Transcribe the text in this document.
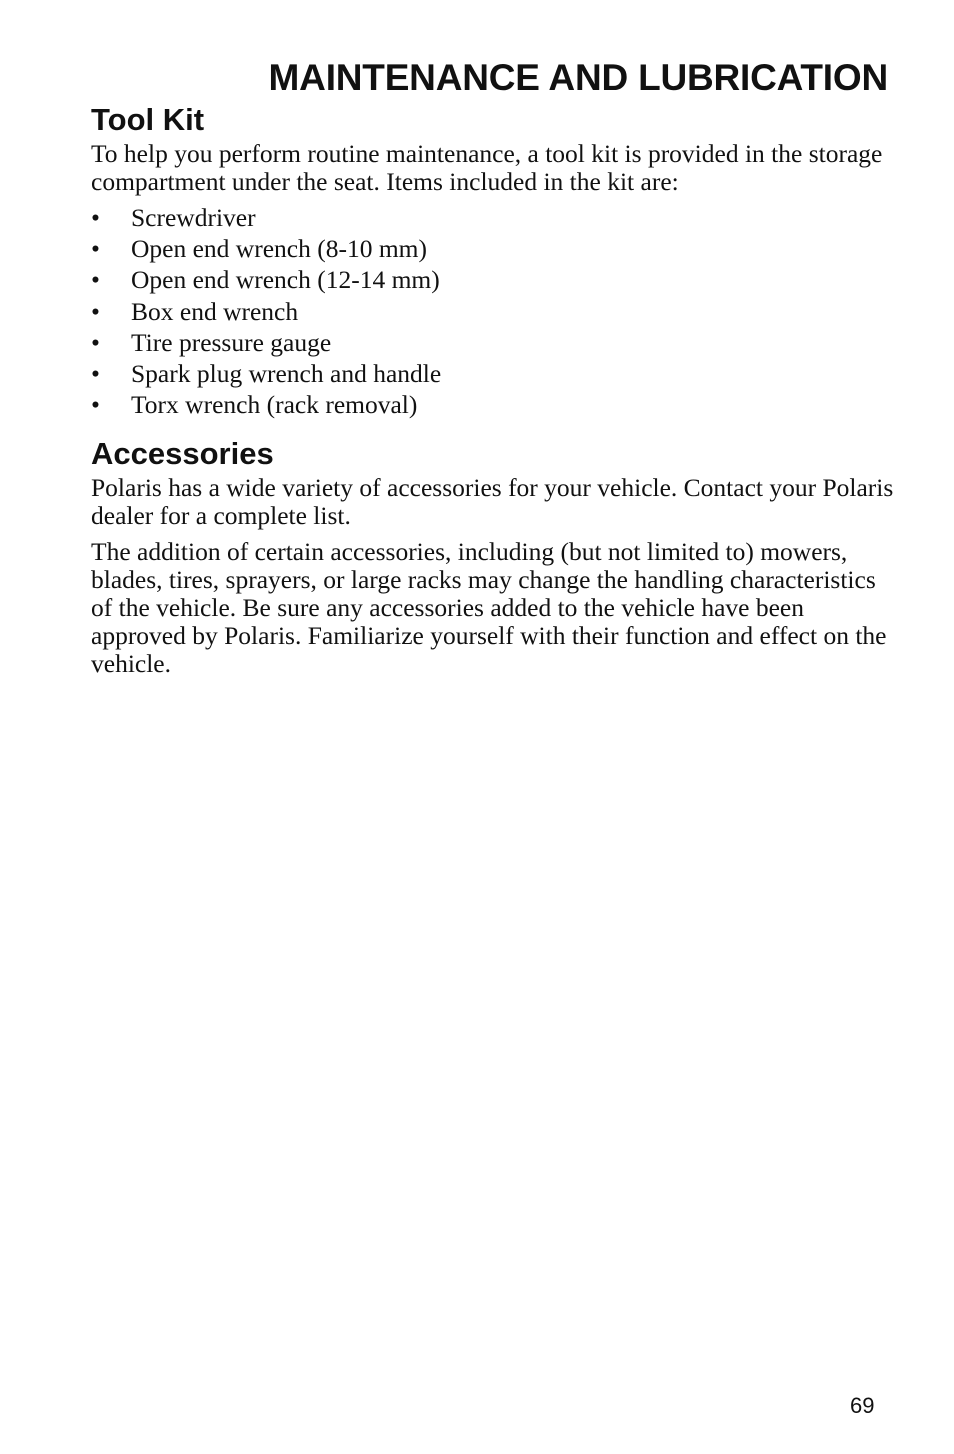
MAINTENANCE AND LUBRICATION
Tool Kit

To help you perform routine maintenance, a tool kit is provided in the storage compartment under the seat. Items included in the kit are:

• Screwdriver
• Open end wrench (8-10 mm)
• Open end wrench (12-14 mm)
• Box end wrench
• Tire pressure gauge
• Spark plug wrench and handle
• Torx wrench (rack removal)
Accessories

Polaris has a wide variety of accessories for your vehicle. Contact your Polaris dealer for a complete list.

The addition of certain accessories, including (but not limited to) mowers, blades, tires, sprayers, or large racks may change the handling characteristics of the vehicle. Be sure any accessories added to the vehicle have been approved by Polaris. Familiarize yourself with their function and effect on the vehicle.

69
